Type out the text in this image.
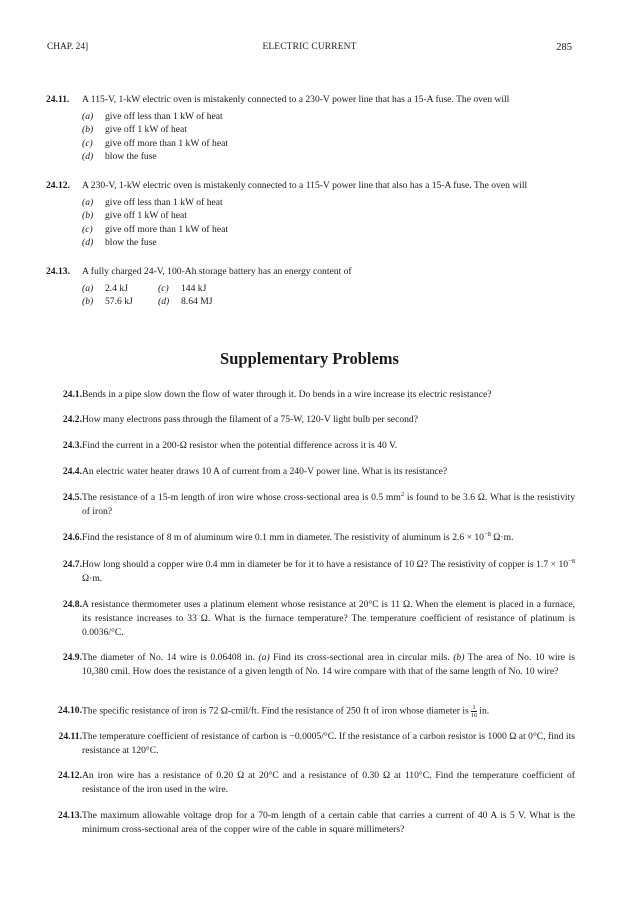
CHAP. 24]	ELECTRIC CURRENT	285
24.11.	A 115-V, 1-kW electric oven is mistakenly connected to a 230-V power line that has a 15-A fuse. The oven will
(a)	give off less than 1 kW of heat
(b)	give off 1 kW of heat
(c)	give off more than 1 kW of heat
(d)	blow the fuse
24.12.	A 230-V, 1-kW electric oven is mistakenly connected to a 115-V power line that also has a 15-A fuse. The oven will
(a)	give off less than 1 kW of heat
(b)	give off 1 kW of heat
(c)	give off more than 1 kW of heat
(d)	blow the fuse
24.13.	A fully charged 24-V, 100-Ah storage battery has an energy content of
(a)	2.4 kJ	(c)	144 kJ
(b)	57.6 kJ	(d)	8.64 MJ
Supplementary Problems
24.1. Bends in a pipe slow down the flow of water through it. Do bends in a wire increase its electric resistance?
24.2. How many electrons pass through the filament of a 75-W, 120-V light bulb per second?
24.3. Find the current in a 200-Ω resistor when the potential difference across it is 40 V.
24.4. An electric water heater draws 10 A of current from a 240-V power line. What is its resistance?
24.5. The resistance of a 15-m length of iron wire whose cross-sectional area is 0.5 $mm^2$ is found to be 3.6 Ω. What is the resistivity of iron?
24.6. Find the resistance of 8 m of aluminum wire 0.1 mm in diameter. The resistivity of aluminum is $2.6 \times 10^{-8}$ Ω·m.
24.7. How long should a copper wire 0.4 mm in diameter be for it to have a resistance of 10 Ω? The resistivity of copper is $1.7 \times 10^{-8}$ Ω·m.
24.8. A resistance thermometer uses a platinum element whose resistance at 20°C is 11 Ω. When the element is placed in a furnace, its resistance increases to 33 Ω. What is the furnace temperature? The temperature coefficient of resistance of platinum is 0.0036/°C.
24.9. The diameter of No. 14 wire is 0.06408 in. (a) Find its cross-sectional area in circular mils. (b) The area of No. 10 wire is 10,380 cmil. How does the resistance of a given length of No. 14 wire compare with that of the same length of No. 10 wire?
24.10. The specific resistance of iron is 72 Ω-cmil/ft. Find the resistance of 250 ft of iron whose diameter is $\frac{1}{16}$ in.
24.11. The temperature coefficient of resistance of carbon is −0.0005/°C. If the resistance of a carbon resistor is 1000 Ω at 0°C, find its resistance at 120°C.
24.12. An iron wire has a resistance of 0.20 Ω at 20°C and a resistance of 0.30 Ω at 110°C. Find the temperature coefficient of resistance of the iron used in the wire.
24.13. The maximum allowable voltage drop for a 70-m length of a certain cable that carries a current of 40 A is 5 V. What is the minimum cross-sectional area of the copper wire of the cable in square millimeters?
